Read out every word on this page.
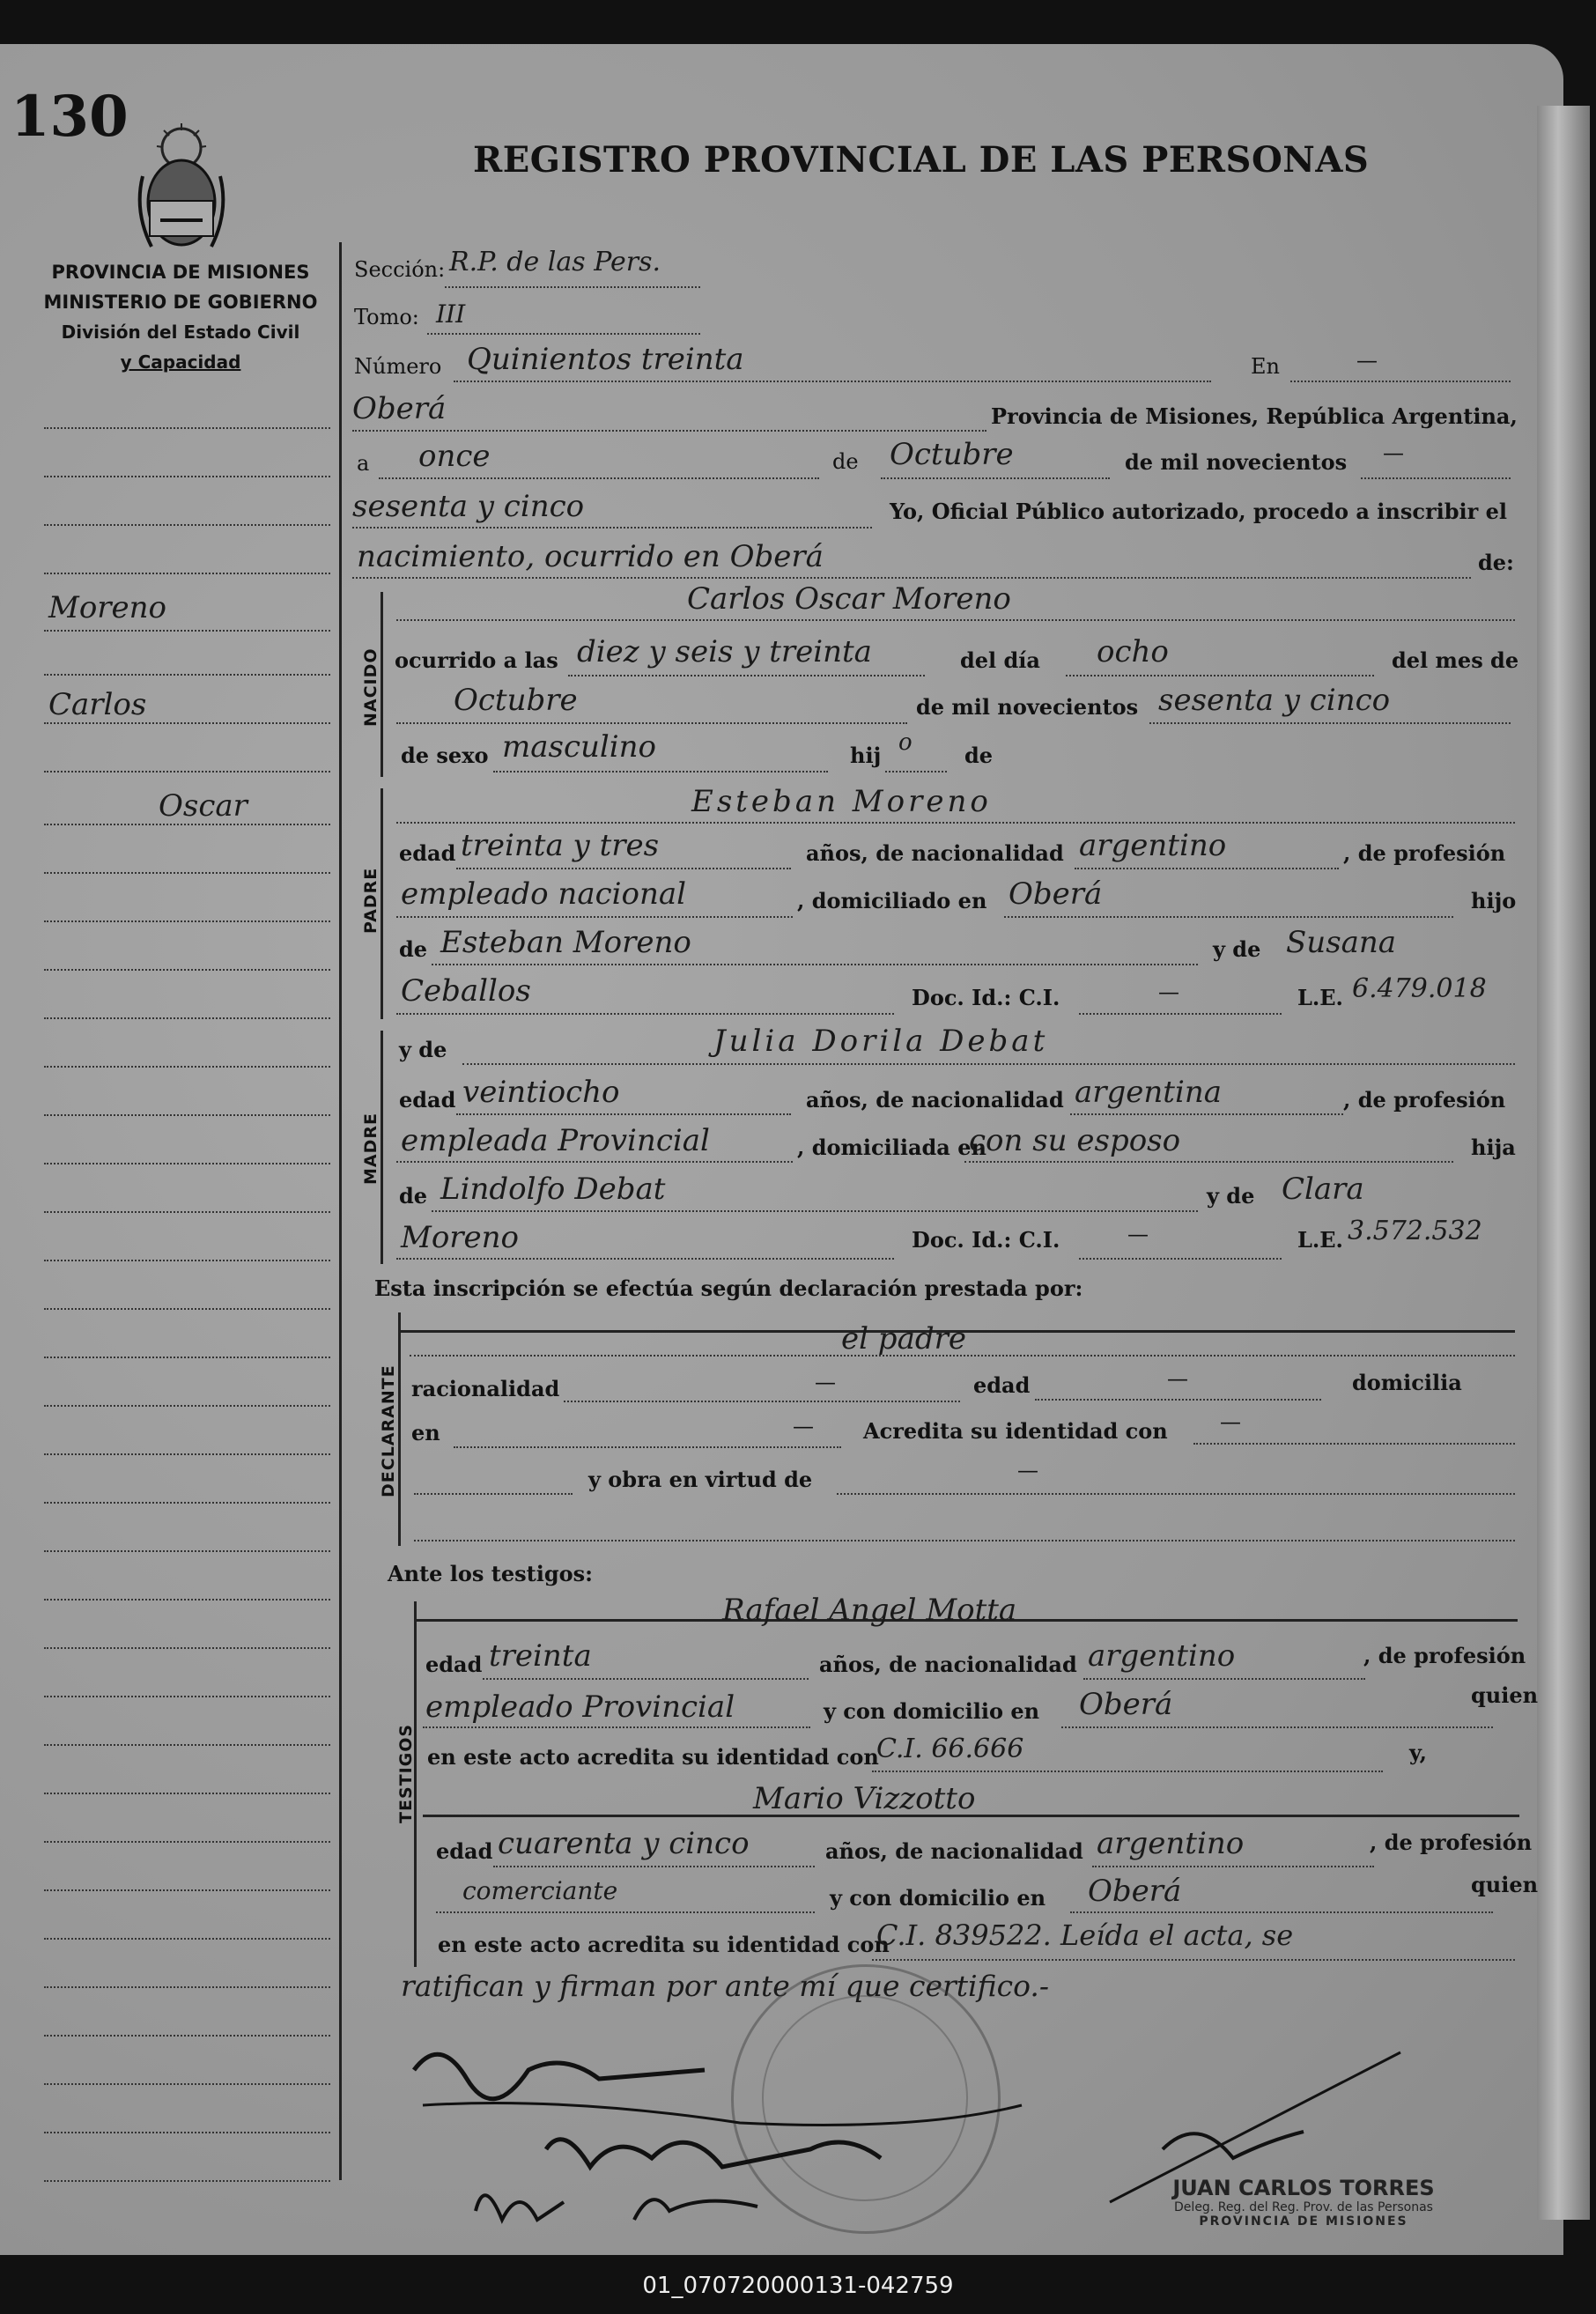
130
REGISTRO PROVINCIAL DE LAS PERSONAS
PROVINCIA DE MISIONES
MINISTERIO DE GOBIERNO
División del Estado Civil
y Capacidad
Moreno
Carlos
Oscar
Sección: R.P. de las Pers.
Tomo: III
Número Quinientos treinta	En	—
Oberá	Provincia de Misiones, República Argentina,
a once	de Octubre	de mil novecientos —
sesenta y cinco	Yo, Oficial Público autorizado, procedo a inscribir el
nacimiento, ocurrido en Oberá	de:
NACIDO
Carlos Oscar Moreno
ocurrido a las diez y seis y treinta	del día ocho	del mes de
Octubre	de mil novecientos sesenta y cinco
de sexo masculino	hij o de
PADRE
Esteban Moreno
edad treinta y tres	años, de nacionalidad argentino	, de profesión
empleado nacional	, domiciliado en Oberá	hijo
de Esteban Moreno	y de Susana
Ceballos	Doc. Id.: C.I.	—	L.E. 6.479.018
MADRE
y de	Julia Dorila Debat
edad veintiocho	años, de nacionalidad argentina	, de profesión
empleada Provincial	, domiciliada en
con su esposo	hija
de Lindolfo Debat	y de Clara
Moreno	Doc. Id.: C.I.	—	L.E. 3.572.532
Esta inscripción se efectúa según declaración prestada por:
DECLARANTE
el padre
racionalidad	—	edad	—	domicilia
en	— Acredita su identidad con —
y obra en virtud de	—
Ante los testigos:
TESTIGOS
Rafael Angel Motta
edad treinta	años, de nacionalidad argentino	, de profesión
empleado Provincial	y con domicilio en Oberá	quien
en este acto acredita su identidad con
C.I. 66.666	y,
Mario Vizzotto
edad cuarenta y cinco	años, de nacionalidad argentino	, de profesión
comerciante	y con domicilio en Oberá	quien
en este acto acredita su identidad con
C.I. 839522. Leída el acta, se
ratifican y firman por ante mí que certifico.-
JUAN CARLOS TORRES
Deleg. Reg. del Reg. Prov. de las Personas
PROVINCIA DE MISIONES
01_070720000131-042759
